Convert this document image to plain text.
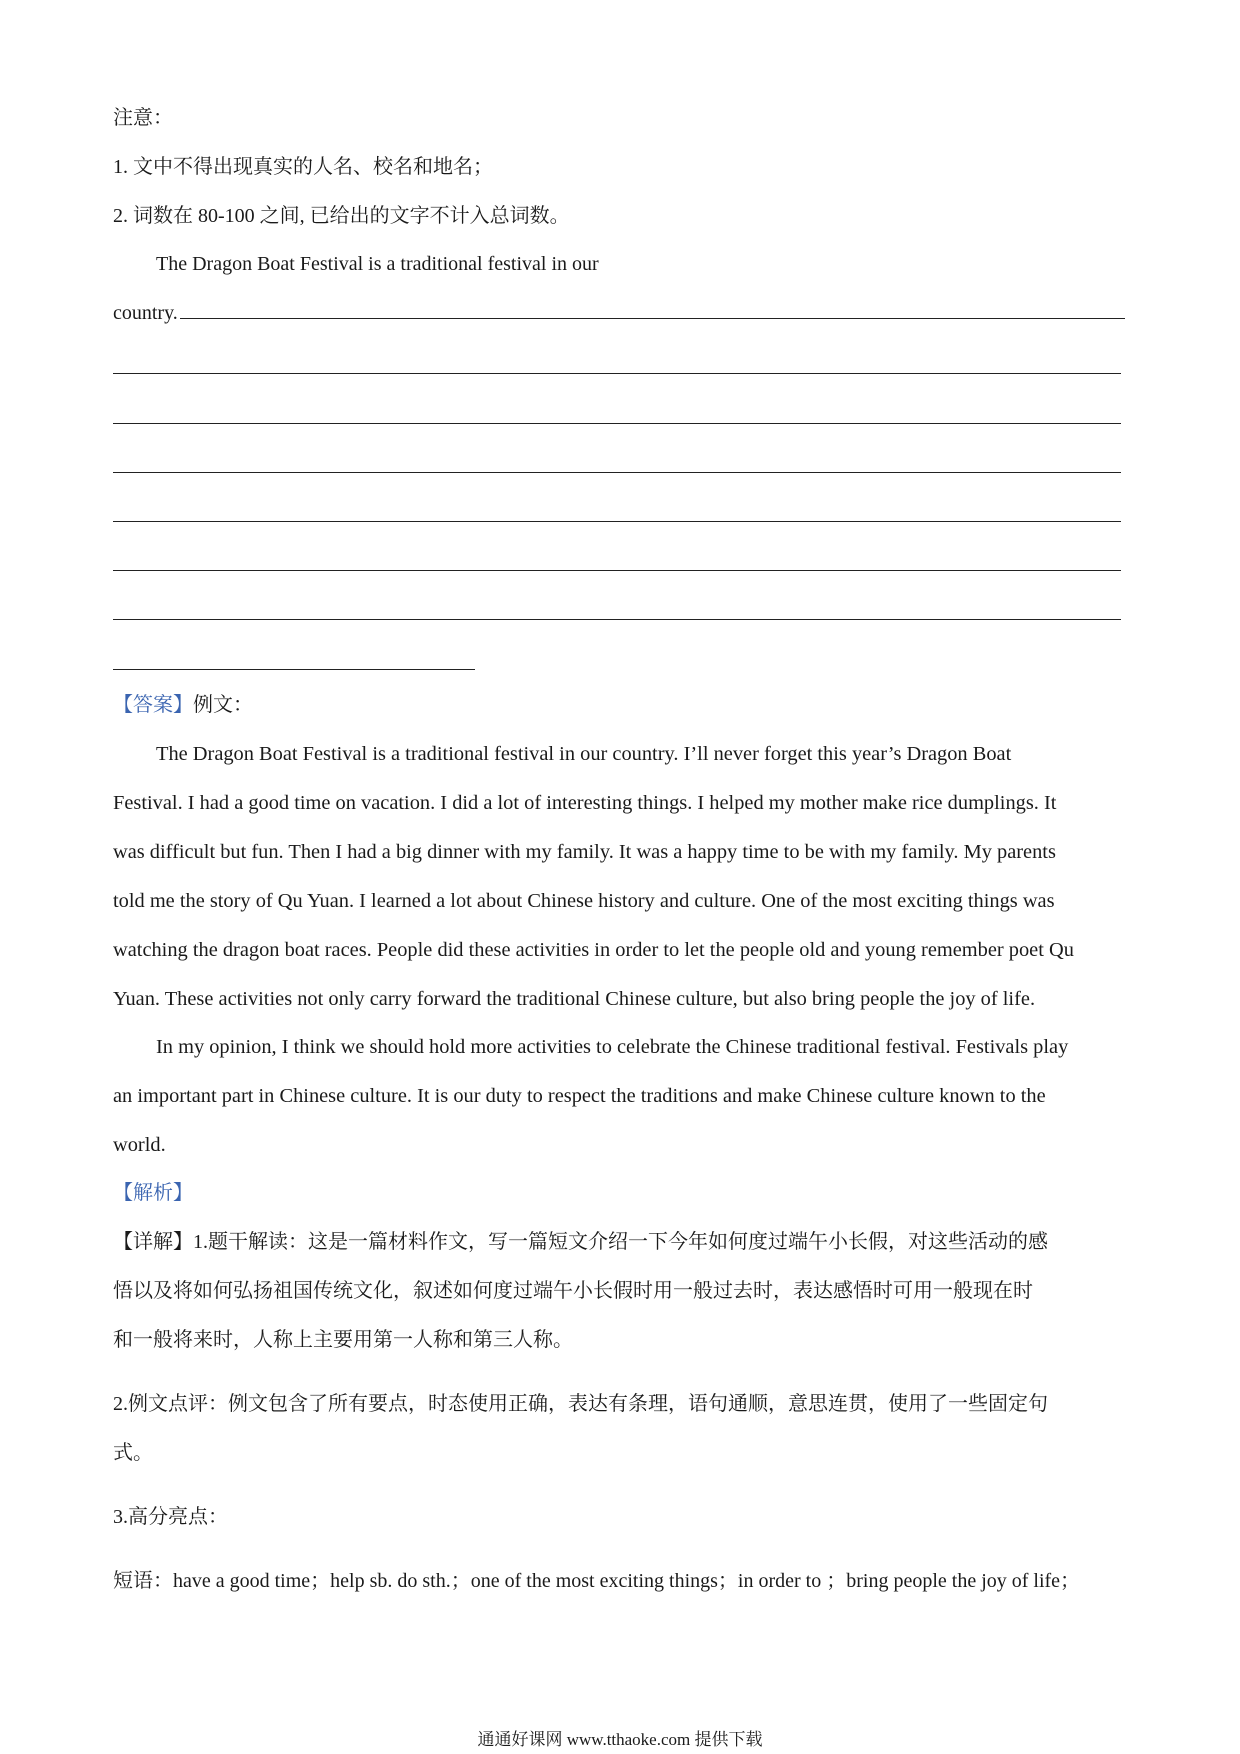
注意：
1. 文中不得出现真实的人名、校名和地名；
2. 词数在 80-100 之间, 已给出的文字不计入总词数。
The Dragon Boat Festival is a traditional festival in our
country.
【答案】例文：
The Dragon Boat Festival is a traditional festival in our country. I’ll never forget this year’s Dragon Boat
Festival. I had a good time on vacation. I did a lot of interesting things. I helped my mother make rice dumplings. It
was difficult but fun. Then I had a big dinner with my family. It was a happy time to be with my family. My parents
told me the story of Qu Yuan. I learned a lot about Chinese history and culture. One of the most exciting things was
watching the dragon boat races. People did these activities in order to let the people old and young remember poet Qu
Yuan. These activities not only carry forward the traditional Chinese culture, but also bring people the joy of life.
In my opinion, I think we should hold more activities to celebrate the Chinese traditional festival. Festivals play
an important part in Chinese culture. It is our duty to respect the traditions and make Chinese culture known to the
world.
【解析】
【详解】1.题干解读：这是一篇材料作文，写一篇短文介绍一下今年如何度过端午小长假，对这些活动的感
悟以及将如何弘扬祖国传统文化，叙述如何度过端午小长假时用一般过去时，表达感悟时可用一般现在时
和一般将来时，人称上主要用第一人称和第三人称。
2.例文点评：例文包含了所有要点，时态使用正确，表达有条理，语句通顺，意思连贯，使用了一些固定句
式。
3.高分亮点：
短语：have a good time；help sb. do sth.；one of the most exciting things；in order to ；bring people the joy of life；
通通好课网 www.tthaoke.com 提供下载
